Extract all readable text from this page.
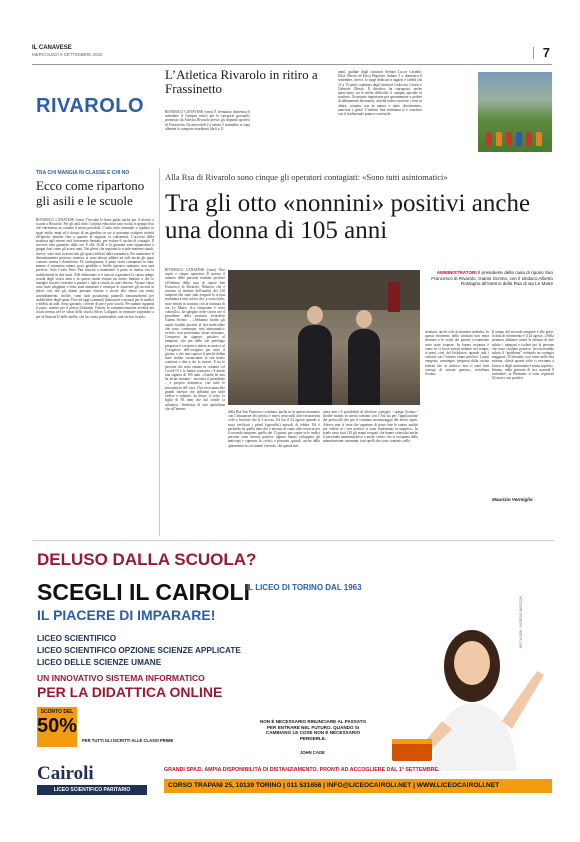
IL CANAVESE
MERCOLEDÌ 9 SETTEMBRE 2020	7
RIVAROLO
L’Atletica Rivarolo in ritiro a Frassinetto
RIVAROLO CANAVESE (vmu) È terminato domenica 6 settembre il Campus estivo per le categorie giovanili, promosso da Atletica Rivarolo presso gli impianti sportivi di Frassinetto. Da mercoledì 2 a sabato 5 settembre si sono allenate le categorie esordienti (da 6 a 11
anni), guidate dagli istruttori Stefano Lucco Castello, Elisa Oberto ed Erica Pegoraro. Sabato 5 e domenica 6 settembre, invece, lo stage dedicato a ragazzi e cadetti (da 12 a 15 anni) coplanari dagli istruttori Ludovico Grosso e Gabriele Oberto. Il direttivo ha riproposto anche quest’anno, tra le molte difficoltà, il campus speciale in trasferta. Occasione importante per sperimentare e godere di allenamenti alternativi, attività ludico motorie, corse in altura, contatto con la natura e tanto divertimento, amicizia e gioia! L’intenso fine settimana si è concluso con il tradizionale pranzo conviviale.
TRA CHI MANGIA IN CLASSE E CHI NO
Ecco come ripartono gli asili e le scuole
RIVAROLO CANAVESE (vmu) Tracciate le linee guide anche per il ritorno a scuola a Rivarolo. Per gli asili nido l’attività educativa sarà svolta in gruppi fissi che entreranno in contatto il meno possibile. L’asilo nido comunale e ospitato in spazi molto ampi ed è dotato di un giardino in cui si potranno svolgere attività all’aperto, almeno fino a quando la stagione lo consentirà. L’accesso della struttura agli esterni sarà fortemente limitato, per evitare il rischio di contagio. Il servizio sarà garantito dalle ore 8 alle 16,30 e la giornata sarà organizzata a gruppi fissi come gli scorsi anni. Nei plessi che ospitano le scuole materne statali, invece, sono stati ricavati tutti gli spazi richiesti dalla normativa. Per mantenere il distanziamento previsto, tuttavia, si sono dovuti adibire ad aule anche gli spazi comuni: mensa e dormitorio. Di conseguenza, il pasto verrà consumato in aula, mentre il momento nanna, poco gestibile a livello igienico sanitario, non sarà previsto. Solo l’asilo Peter Pan riuscirà a mantenere il pasto in mensa con la suddivisione in due turni. Alle elementari si è riusciti a garantire lo stesso tempo scuola degli scorsi anni e in questo modo evitare un orario limitato o che le famiglie fossero costrette a portare i figli a scuola in orari diversi. Alcune classi sono state sdoppiate e sono state numerate e ovunque le sicurezze gli accessi ai plessi così che gli alunni possano entrare e uscire alla stessa ora senza assembramenti. Inoltre, sono stati posizionati pannelli fonoassorbenti per suddividere degli spazi. Fino ad oggi comunali (laboratori e mensa) per le medie) e adibiti ad aule. Sono garantiti i servizi di pre e post scuola. Per quanto riguarda il pasto, mentre per il plesso Gribaudo Vittorio la somministrazione avverrà nei locali mensa, per le classi della scuola Silvio Calligaris in funzione sopratutto a per la Sezione D delle medie, che ha creato potenzialità, sarà servito in aula.
Alla Rsa di Rivarolo sono cinque gli operatori contagiati: «Sono tutti asintomatici»
Tra gli otto «nonnini» positivi anche una donna di 105 anni
RIVAROLO CANAVESE (vmu) Otto ospiti e cinque operatori. È questo il numero delle persone risultate positive all’interno della casa di riposo San Francesco di Rivarolo. Bilancio che è arrivato al termine dell’analisi dei 120 tamponi che sono stati eseguiti la scorsa settimana a tutti coloro che, a vario titolo, sono entrati in contatto con la struttura di via Le Maire. «La situazione è sotto controllo», ha spiegato nelle scorse ore il presidente della struttura rivarolese Gianni Scrimo – «Abbiamo isolato gli ospiti risultati positivi al test molecolare che sono, comunque, tutti asintomatici: ovvero, non presentano alcun sintomo». Compreso un signore, positivo al tampone, che per delle sue patologie pregresse è costretto a tenere accanto a sé l’erogatore dell’ossigeno per tutto il giorno, e che non capisce il perché debba stare isolato «nonostante io stia bene» continua a dire a chi lo assiste. E tra le persone che sono entrate in contatto col Covid-19 e lo hanno contratto c’è anche una signora di 105 anni. «Anche lei non ha alcun sintomo - racconta il presidente – e proprio domenica, con tutte le precauzioni del caso, l’ho avvicinata alle grandi finestre che abbiamo per farle vedere e salutare, da dietro il vetro, la figlia di 83 anni che dal cortile la salutava». Interlasse di vita quotidiana che all’interno
della Rsa San Francesco continua, anche se in questo momento con l’attuazione dei precisi e nuovi protocolli anti-coronavirus volti a focolaio che si è acceso. Ed era il 24 agosto quando si sono verificati i primi (sporadici) episodi di febbre. Ed è partendo da quella data che è iniziato al conto alla rovescia per il secondo tampone, quello dei 15 giorni, per capire se le tredici persone sono ancora positive oppure hanno sviluppato gli anticorpi e superato la «crisi» e possono, quindi, uscire dalla quarantena in cui stanno vivendo. «In questa ma-
niera non c’è possibilità di ulteriore contagio - spiega Scrimo - Inoltre stiamo in stretto contatto con l’Asl sia per l’applicazione dei protocolli che per il continuo monitoraggio dei nostri ospiti. Adesso non ci resta che aspettare di poter fare le contro analisi per vedere se i test positivi si sono trasformati in negativi». In totale sono stati 120 gli esami eseguiti che hanno coinvolto anche il personale amministrativo e anche coloro che si occupano della manutenzione; insomma, tutti quelli che sono «entrati» nella
AMMINISTRATORI Il presidente della casa di riposo San Francesco di Rivarolo, Gianni Scrimo, con il sindaco Alberto Rostagno all’interno della Rsa di via Le Maire
struttura, anche solo in maniera indiretta. In questo momento nella struttura non entra nessuno e le visite dei parenti ovviamente sono state sospese. In buona sostanza è come se ci fosse tornati indietro nel tempo, ai mesi, cioè, del lockdown, quando tutti i contatti con l’esterno erano preclusi. I pasti vengono, comunque, preparati dalla cucina interna che «è asettica: non ci sono stati contagi di nessun genere», sottolinea Scrimo.
Il tempo del secondo tampone è alle porte, la data di riferimento è il 24 agosto. «Nella struttura abbiamo avuto la fortuna di fare subito i tamponi e isolare poi le persone che sono risultate positive, circoscrivendo subito il “problema” evitando un contagio maggiore. D’altronde, così come nella vita esterna, chissà quante volte ci troviamo a fianco a degli asintomatici senza saperlo». Intanto, nella giornata di ieri, martedì 8 settembre, in Piemonte si sono registrati 62 nuovi casi positivi.
Maurizio Vermiglio
DELUSO DALLA SCUOLA?
SCEGLI IL CAIROLI
IL PIACERE DI IMPARARE!
IL LICEO DI TORINO DAL 1963
LICEO SCIENTIFICO
LICEO SCIENTIFICO OPZIONE SCIENZE APPLICATE
LICEO DELLE SCIENZE UMANE
UN INNOVATIVO SISTEMA INFORMATICO
PER LA DIDATTICA ONLINE
SCONTO DEL
50%
PER TUTTI GLI ISCRITTI ALLE CLASSI PRIME
NON È NECESSARIO RINUNCIARE AL PASSATO PER ENTRARE NEL FUTURO. QUANDO SI CAMBIANO LE COSE NON È NECESSARIO PERDERLE.
JOHN CAGE
ART WORK: GIORGIO MOSTON
Cairoli
LICEO SCIENTIFICO PARITARIO
GRANDI SPAZI. AMPIA DISPONIBILITÀ DI DISTANZIAMENTO. PRONTI AD ACCOGLIERE DAL 1° SETTEMBRE.
CORSO TRAPANI 25, 10139 TORINO | 011 531656 | INFO@LICEOCAIROLI.NET | WWW.LICEOCAIROLI.NET
